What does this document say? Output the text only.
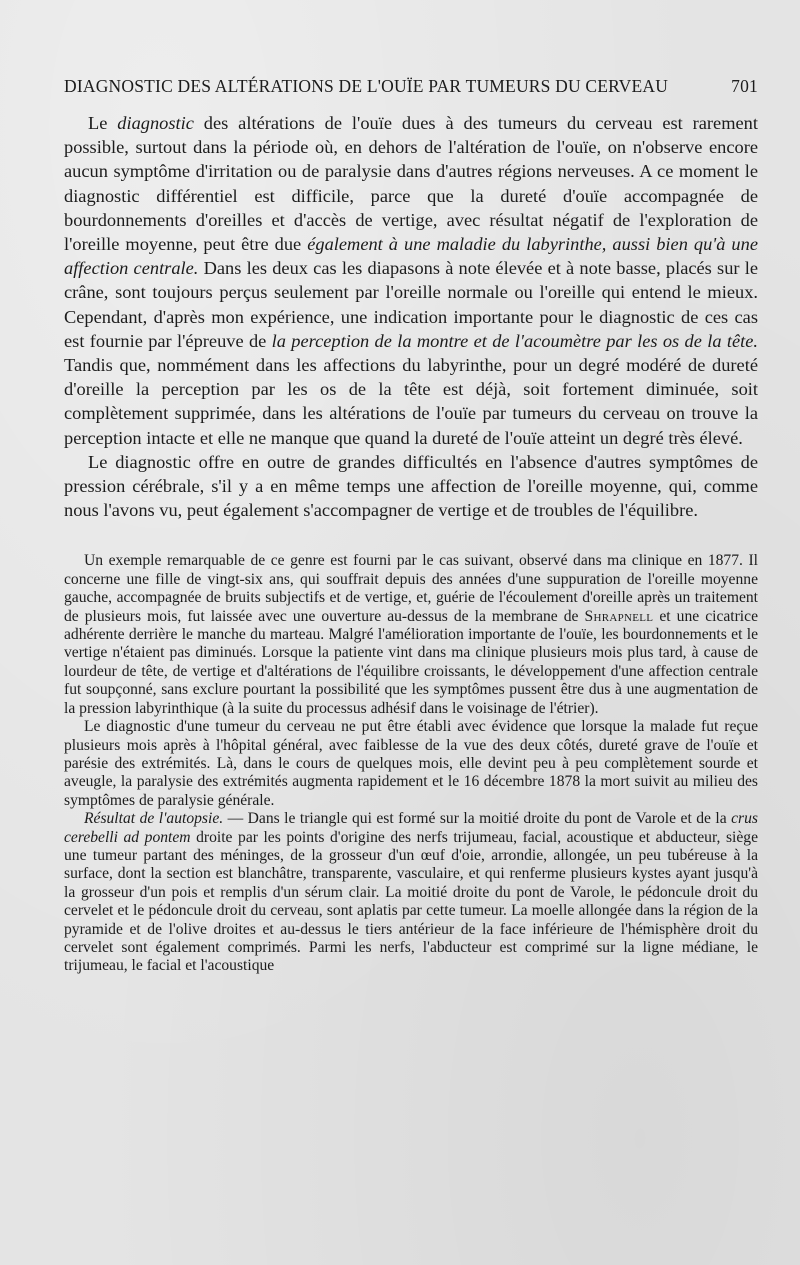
DIAGNOSTIC DES ALTÉRATIONS DE L'OUÏE PAR TUMEURS DU CERVEAU	701

Le diagnostic des altérations de l'ouïe dues à des tumeurs du cerveau est rarement possible, surtout dans la période où, en dehors de l'altération de l'ouïe, on n'observe encore aucun symptôme d'irritation ou de paralysie dans d'autres régions nerveuses. A ce moment le diagnostic différentiel est difficile, parce que la dureté d'ouïe accompagnée de bourdonnements d'oreilles et d'accès de vertige, avec résultat négatif de l'exploration de l'oreille moyenne, peut être due également à une maladie du labyrinthe, aussi bien qu'à une affection centrale. Dans les deux cas les diapasons à note élevée et à note basse, placés sur le crâne, sont toujours perçus seulement par l'oreille normale ou l'oreille qui entend le mieux. Cependant, d'après mon expérience, une indication importante pour le diagnostic de ces cas est fournie par l'épreuve de la perception de la montre et de l'acoumètre par les os de la tête. Tandis que, nommément dans les affections du labyrinthe, pour un degré modéré de dureté d'oreille la perception par les os de la tête est déjà, soit fortement diminuée, soit complètement supprimée, dans les altérations de l'ouïe par tumeurs du cerveau on trouve la perception intacte et elle ne manque que quand la dureté de l'ouïe atteint un degré très élevé.

Le diagnostic offre en outre de grandes difficultés en l'absence d'autres symptômes de pression cérébrale, s'il y a en même temps une affection de l'oreille moyenne, qui, comme nous l'avons vu, peut également s'accompagner de vertige et de troubles de l'équilibre.

Un exemple remarquable de ce genre est fourni par le cas suivant, observé dans ma clinique en 1877. Il concerne une fille de vingt-six ans, qui souffrait depuis des années d'une suppuration de l'oreille moyenne gauche, accompagnée de bruits subjectifs et de vertige, et, guérie de l'écoulement d'oreille après un traitement de plusieurs mois, fut laissée avec une ouverture au-dessus de la membrane de Shrapnell et une cicatrice adhérente derrière le manche du marteau. Malgré l'amélioration importante de l'ouïe, les bourdonnements et le vertige n'étaient pas diminués. Lorsque la patiente vint dans ma clinique plusieurs mois plus tard, à cause de lourdeur de tête, de vertige et d'altérations de l'équilibre croissants, le développement d'une affection centrale fut soupçonné, sans exclure pourtant la possibilité que les symptômes pussent être dus à une augmentation de la pression labyrinthique (à la suite du processus adhésif dans le voisinage de l'étrier).

Le diagnostic d'une tumeur du cerveau ne put être établi avec évidence que lorsque la malade fut reçue plusieurs mois après à l'hôpital général, avec faiblesse de la vue des deux côtés, dureté grave de l'ouïe et parésie des extrémités. Là, dans le cours de quelques mois, elle devint peu à peu complètement sourde et aveugle, la paralysie des extrémités augmenta rapidement et le 16 décembre 1878 la mort suivit au milieu des symptômes de paralysie générale.

Résultat de l'autopsie. — Dans le triangle qui est formé sur la moitié droite du pont de Varole et de la crus cerebelli ad pontem droite par les points d'origine des nerfs trijumeau, facial, acoustique et abducteur, siège une tumeur partant des méninges, de la grosseur d'un œuf d'oie, arrondie, allongée, un peu tubéreuse à la surface, dont la section est blanchâtre, transparente, vasculaire, et qui renferme plusieurs kystes ayant jusqu'à la grosseur d'un pois et remplis d'un sérum clair. La moitié droite du pont de Varole, le pédoncule droit du cervelet et le pédoncule droit du cerveau, sont aplatis par cette tumeur. La moelle allongée dans la région de la pyramide et de l'olive droites et au-dessus le tiers antérieur de la face inférieure de l'hémisphère droit du cervelet sont également comprimés. Parmi les nerfs, l'abducteur est comprimé sur la ligne médiane, le trijumeau, le facial et l'acoustique
